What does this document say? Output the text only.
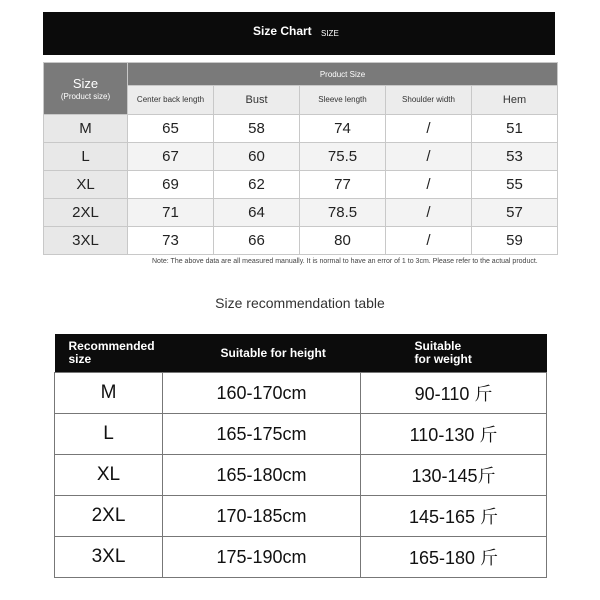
Size Chart SIZE
Size
(Product size)	Product Size				
	Center back length	Bust	Sleeve length	Shoulder width	Hem
M	65	58	74	/	51
L	67	60	75.5	/	53
XL	69	62	77	/	55
2XL	71	64	78.5	/	57
3XL	73	66	80	/	59
Note: The above data are all measured manually. It is normal to have an error of 1 to 3cm. Please refer to the actual product.
Size recommendation table
Recommended size	Suitable for height	Suitable for weight
M	160-170cm	90-110 斤
L	165-175cm	110-130 斤
XL	165-180cm	130-145斤
2XL	170-185cm	145-165 斤
3XL	175-190cm	165-180 斤
